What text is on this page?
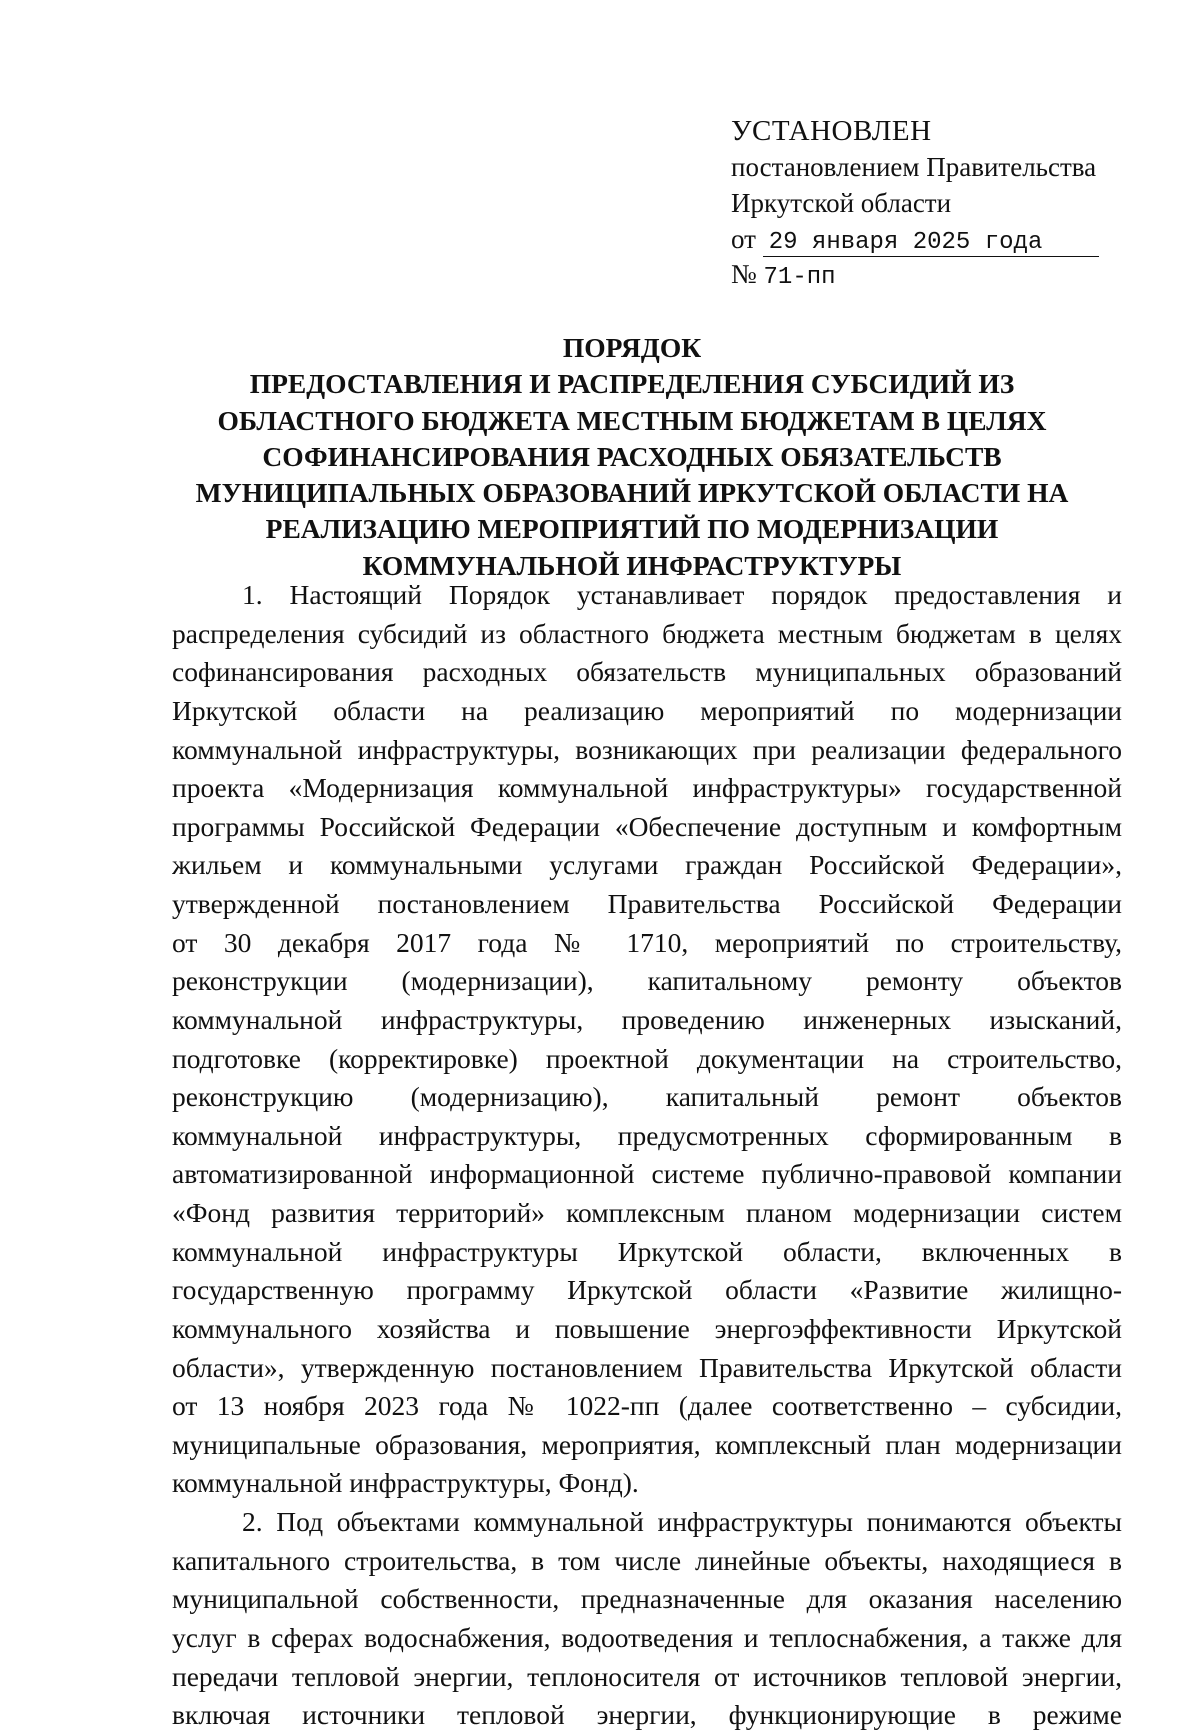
УСТАНОВЛЕН
постановлением Правительства
Иркутской области
от 29 января 2025 года
№ 71-пп
ПОРЯДОК
ПРЕДОСТАВЛЕНИЯ И РАСПРЕДЕЛЕНИЯ СУБСИДИЙ ИЗ
ОБЛАСТНОГО БЮДЖЕТА МЕСТНЫМ БЮДЖЕТАМ В ЦЕЛЯХ
СОФИНАНСИРОВАНИЯ РАСХОДНЫХ ОБЯЗАТЕЛЬСТВ
МУНИЦИПАЛЬНЫХ ОБРАЗОВАНИЙ ИРКУТСКОЙ ОБЛАСТИ НА
РЕАЛИЗАЦИЮ МЕРОПРИЯТИЙ ПО МОДЕРНИЗАЦИИ
КОММУНАЛЬНОЙ ИНФРАСТРУКТУРЫ
1. Настоящий Порядок устанавливает порядок предоставления и
распределения субсидий из областного бюджета местным бюджетам в целях
софинансирования расходных обязательств муниципальных образований
Иркутской области на реализацию мероприятий по модернизации
коммунальной инфраструктуры, возникающих при реализации федерального
проекта «Модернизация коммунальной инфраструктуры» государственной
программы Российской Федерации «Обеспечение доступным и комфортным
жильем и коммунальными услугами граждан Российской Федерации»,
утвержденной постановлением Правительства Российской Федерации
от 30 декабря 2017 года № 1710, мероприятий по строительству,
реконструкции (модернизации), капитальному ремонту объектов
коммунальной инфраструктуры, проведению инженерных изысканий,
подготовке (корректировке) проектной документации на строительство,
реконструкцию (модернизацию), капитальный ремонт объектов
коммунальной инфраструктуры, предусмотренных сформированным в
автоматизированной информационной системе публично-правовой компании
«Фонд развития территорий» комплексным планом модернизации систем
коммунальной инфраструктуры Иркутской области, включенных в
государственную программу Иркутской области «Развитие жилищно-
коммунального хозяйства и повышение энергоэффективности Иркутской
области», утвержденную постановлением Правительства Иркутской области
от 13 ноября 2023 года № 1022-пп (далее соответственно – субсидии,
муниципальные образования, мероприятия, комплексный план модернизации
коммунальной инфраструктуры, Фонд).
2. Под объектами коммунальной инфраструктуры понимаются объекты
капитального строительства, в том числе линейные объекты, находящиеся в
муниципальной собственности, предназначенные для оказания населению
услуг в сферах водоснабжения, водоотведения и теплоснабжения, а также для
передачи тепловой энергии, теплоносителя от источников тепловой энергии,
включая источники тепловой энергии, функционирующие в режиме
